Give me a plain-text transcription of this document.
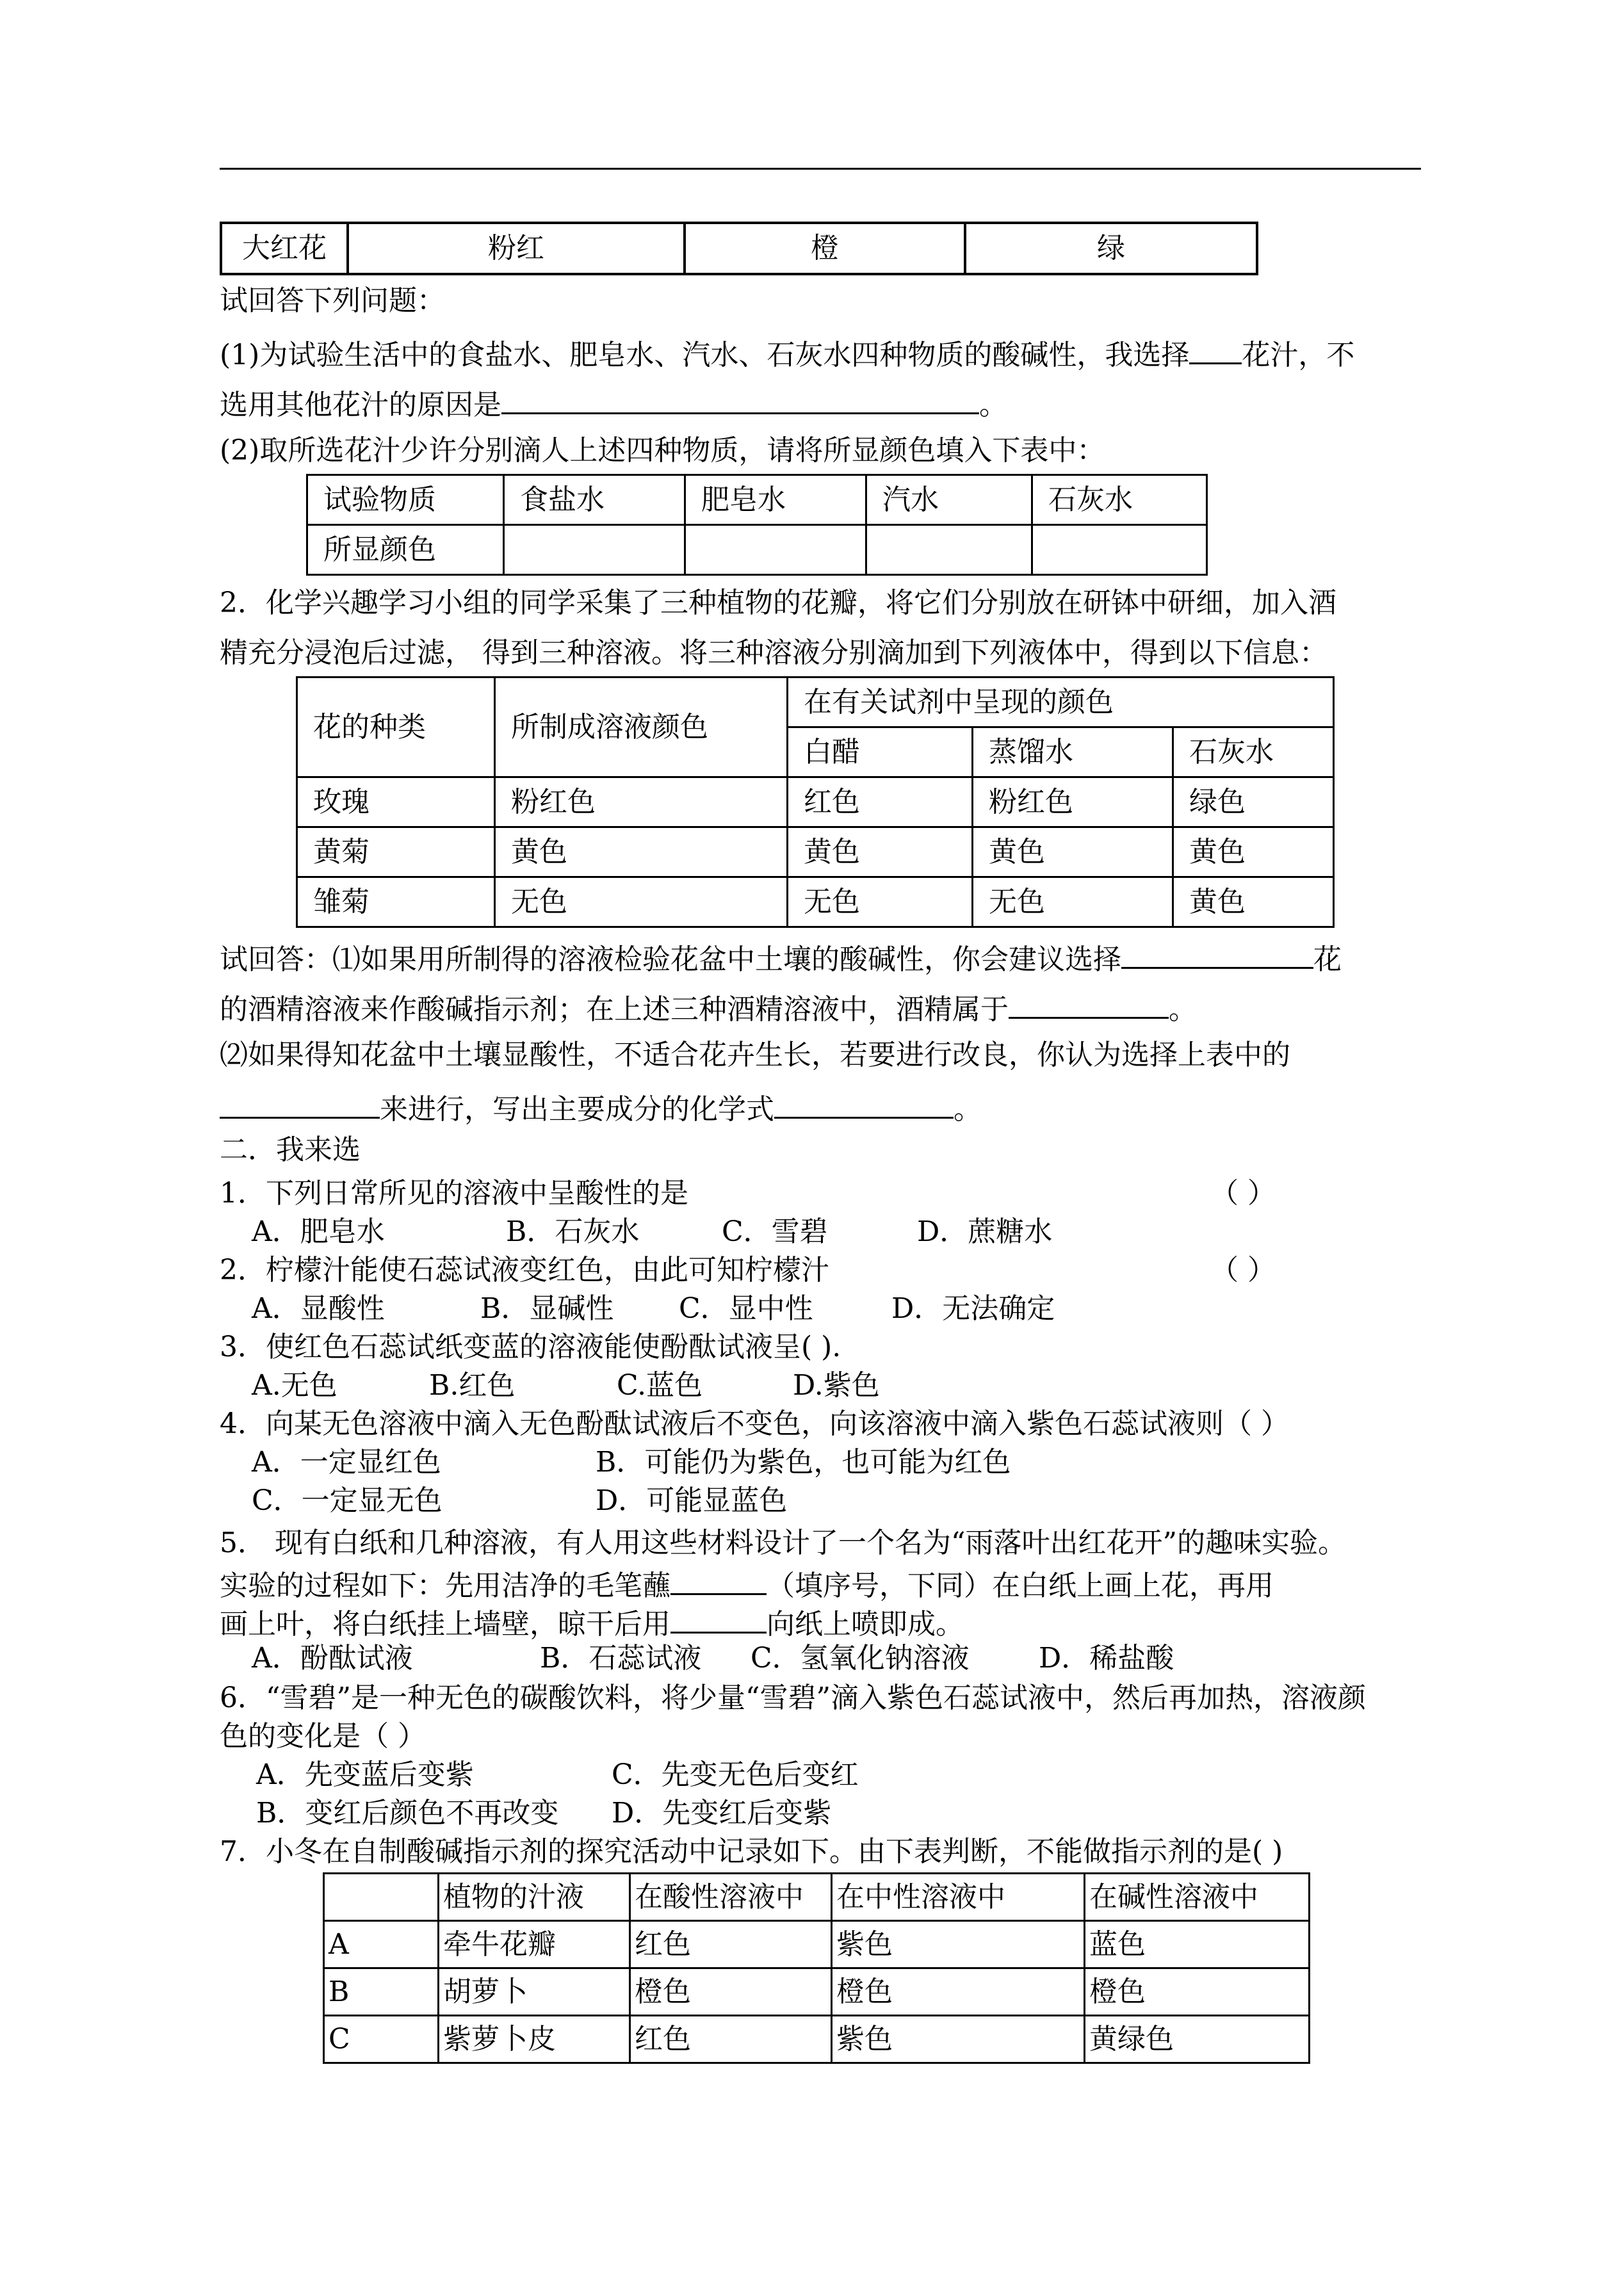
大红花	粉红	橙	绿
试回答下列问题：
(1)为试验生活中的食盐水、肥皂水、汽水、石灰水四种物质的酸碱性，我选择 花汁，不
选用其他花汁的原因是	。
(2)取所选花汁少许分别滴人上述四种物质，请将所显颜色填入下表中：
试验物质	食盐水	肥皂水	汽水	石灰水
所显颜色				
2．化学兴趣学习小组的同学采集了三种植物的花瓣，将它们分别放在研钵中研细，加入酒
精充分浸泡后过滤， 得到三种溶液。将三种溶液分别滴加到下列液体中，得到以下信息：
花的种类	所制成溶液颜色	在有关试剂中呈现的颜色		
		白醋	蒸馏水	石灰水
玫瑰	粉红色	红色	粉红色	绿色
黄菊	黄色	黄色	黄色	黄色
雏菊	无色	无色	无色	黄色
试回答：⑴如果用所制得的溶液检验花盆中土壤的酸碱性，你会建议选择	花
的酒精溶液来作酸碱指示剂；在上述三种酒精溶液中，酒精属于	。
⑵如果得知花盆中土壤显酸性，不适合花卉生长，若要进行改良，你认为选择上表中的
来进行，写出主要成分的化学式	。
二．我来选
1．下列日常所见的溶液中呈酸性的是	（ ）
A．肥皂水	B．石灰水	C．雪碧	D．蔗糖水
2．柠檬汁能使石蕊试液变红色，由此可知柠檬汁	（ ）
A．显酸性	B．显碱性 C．显中性	D．无法确定
3．使红色石蕊试纸变蓝的溶液能使酚酞试液呈( ).
A.无色	B.红色	C.蓝色	D.紫色
4．向某无色溶液中滴入无色酚酞试液后不变色，向该溶液中滴入紫色石蕊试液则（ ）
A．一定显红色	B．可能仍为紫色，也可能为红色
C．一定显无色	D．可能显蓝色
5． 现有白纸和几种溶液，有人用这些材料设计了一个名为“雨落叶出红花开”的趣味实验。
实验的过程如下：先用洁净的毛笔蘸	（填序号，下同）在白纸上画上花，再用
画上叶，将白纸挂上墙壁，晾干后用	向纸上喷即成。
A．酚酞试液	B．石蕊试液 C．氢氧化钠溶液 D．稀盐酸
6．“雪碧”是一种无色的碳酸饮料，将少量“雪碧”滴入紫色石蕊试液中，然后再加热，溶液颜
色的变化是（ ）
A．先变蓝后变紫	C．先变无色后变红
B．变红后颜色不再改变 D．先变红后变紫
7．小冬在自制酸碱指示剂的探究活动中记录如下。由下表判断，不能做指示剂的是( )
	植物的汁液	在酸性溶液中	在中性溶液中	在碱性溶液中
A	牵牛花瓣	红色	紫色	蓝色
B	胡萝卜	橙色	橙色	橙色
C	紫萝卜皮	红色	紫色	黄绿色
